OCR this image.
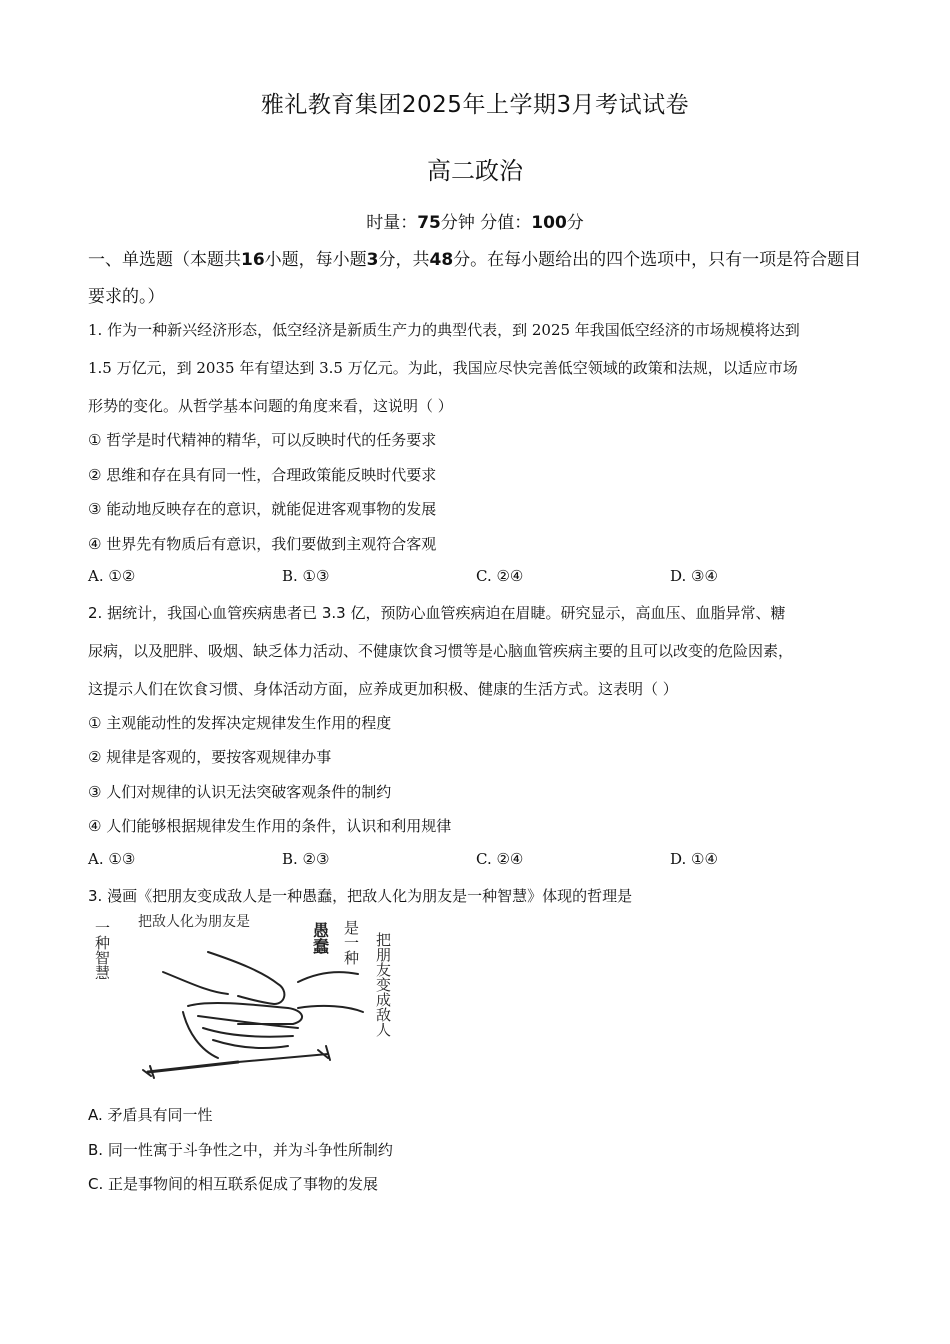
雅礼教育集团2025年上学期3月考试试卷
高二政治
时量：75分钟 分值：100分
一、单选题（本题共16小题，每小题3分，共48分。在每小题给出的四个选项中，只有一项是符合题目要求的。）
1. 作为一种新兴经济形态，低空经济是新质生产力的典型代表，到 2025 年我国低空经济的市场规模将达到
1.5 万亿元，到 2035 年有望达到 3.5 万亿元。为此，我国应尽快完善低空领域的政策和法规，以适应市场
形势的变化。从哲学基本问题的角度来看，这说明（ ）
① 哲学是时代精神的精华，可以反映时代的任务要求
② 思维和存在具有同一性，合理政策能反映时代要求
③ 能动地反映存在的意识，就能促进客观事物的发展
④ 世界先有物质后有意识，我们要做到主观符合客观
A. ①②	B. ①③	C. ②④	D. ③④
2. 据统计，我国心血管疾病患者已 3.3 亿，预防心血管疾病迫在眉睫。研究显示，高血压、血脂异常、糖
尿病，以及肥胖、吸烟、缺乏体力活动、不健康饮食习惯等是心脑血管疾病主要的且可以改变的危险因素，
这提示人们在饮食习惯、身体活动方面，应养成更加积极、健康的生活方式。这表明（ ）
① 主观能动性的发挥决定规律发生作用的程度
② 规律是客观的，要按客观规律办事
③ 人们对规律的认识无法突破客观条件的制约
④ 人们能够根据规律发生作用的条件，认识和利用规律
A. ①③	B. ②③	C. ②④	D. ①④
3. 漫画《把朋友变成敌人是一种愚蠢，把敌人化为朋友是一种智慧》体现的哲理是
把朋友变成敌人
是一种
愚蠢
把敌人化为朋友是
一种智慧
A. 矛盾具有同一性
B. 同一性寓于斗争性之中，并为斗争性所制约
C. 正是事物间的相互联系促成了事物的发展
